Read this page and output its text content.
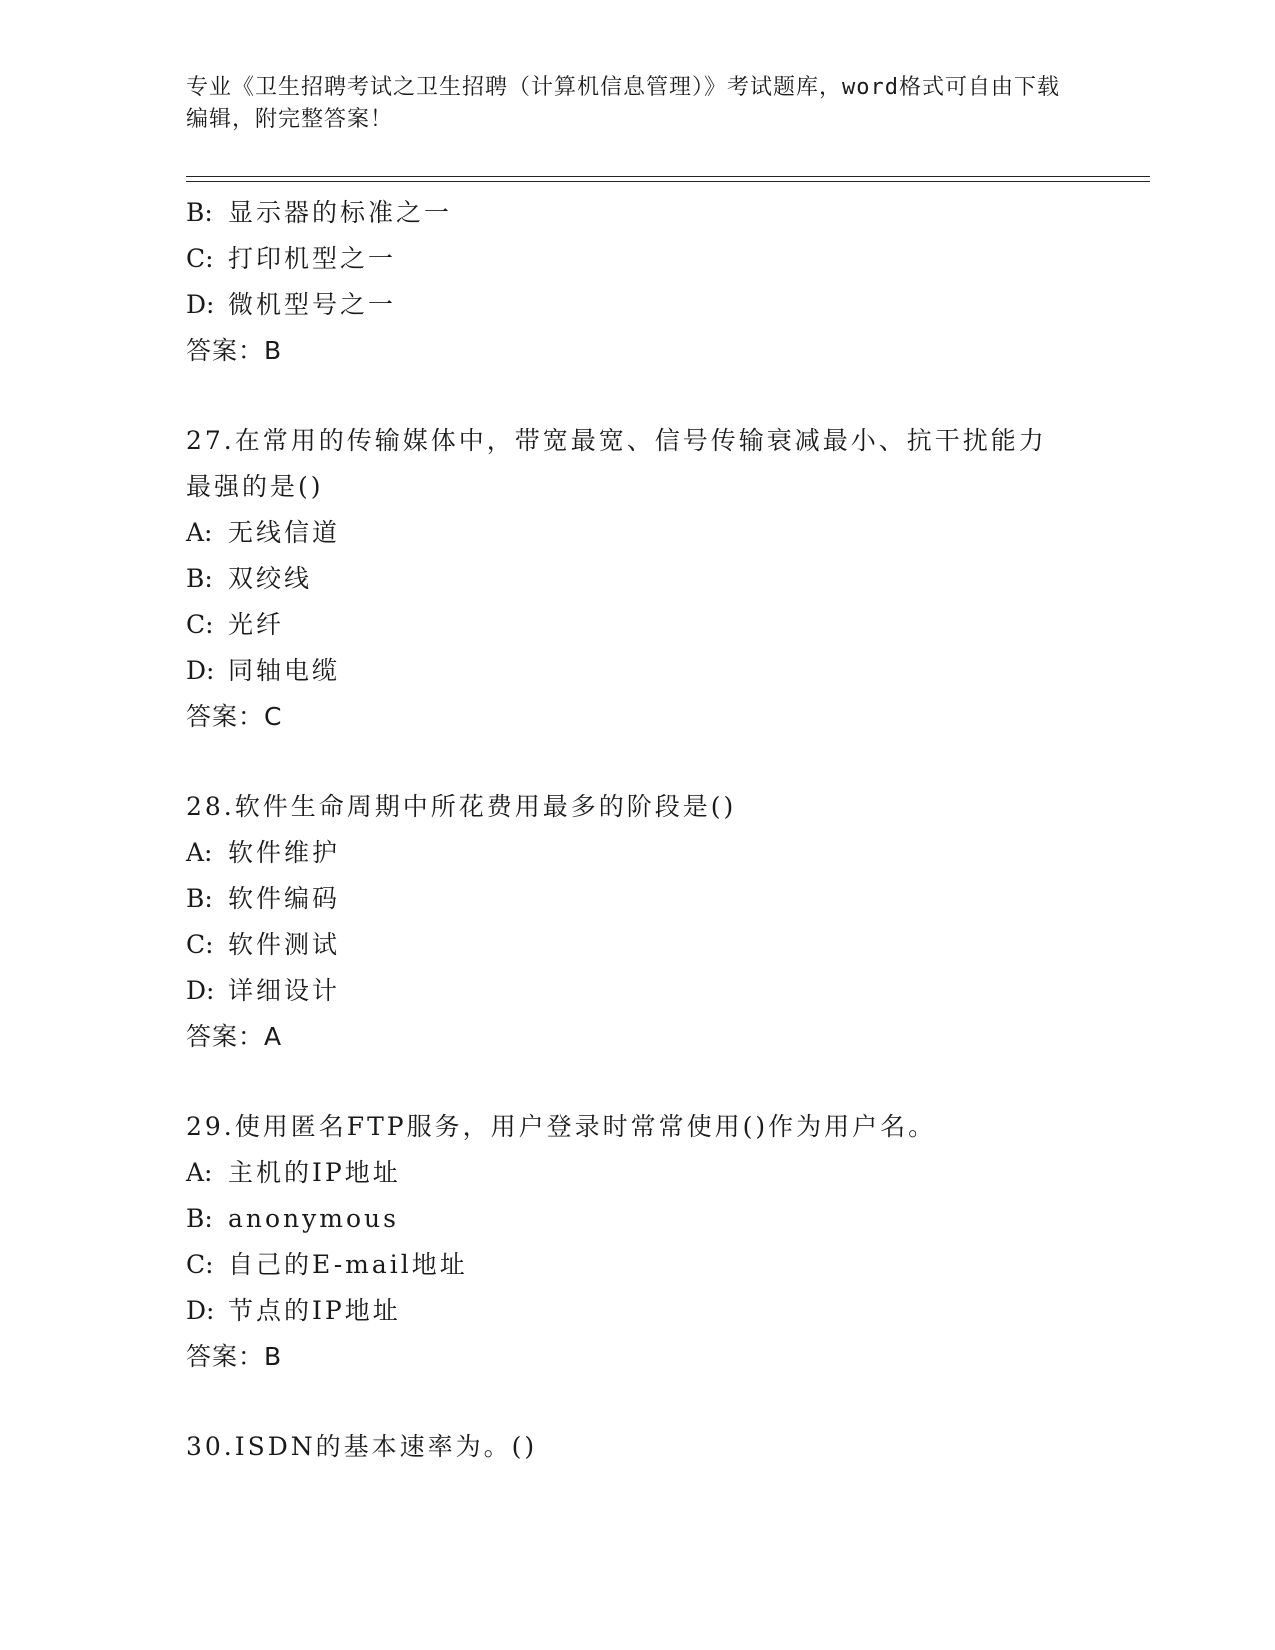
专业《卫生招聘考试之卫生招聘（计算机信息管理）》考试题库，word格式可自由下载编辑，附完整答案！
B: 显示器的标准之一
C: 打印机型之一
D: 微机型号之一
答案：B
27.在常用的传输媒体中，带宽最宽、信号传输衰减最小、抗干扰能力
最强的是()
A: 无线信道
B: 双绞线
C: 光纤
D: 同轴电缆
答案：C
28.软件生命周期中所花费用最多的阶段是()
A: 软件维护
B: 软件编码
C: 软件测试
D: 详细设计
答案：A
29.使用匿名FTP服务，用户登录时常常使用()作为用户名。
A: 主机的IP地址
B: anonymous
C: 自己的E-mail地址
D: 节点的IP地址
答案：B
30.ISDN的基本速率为。()
